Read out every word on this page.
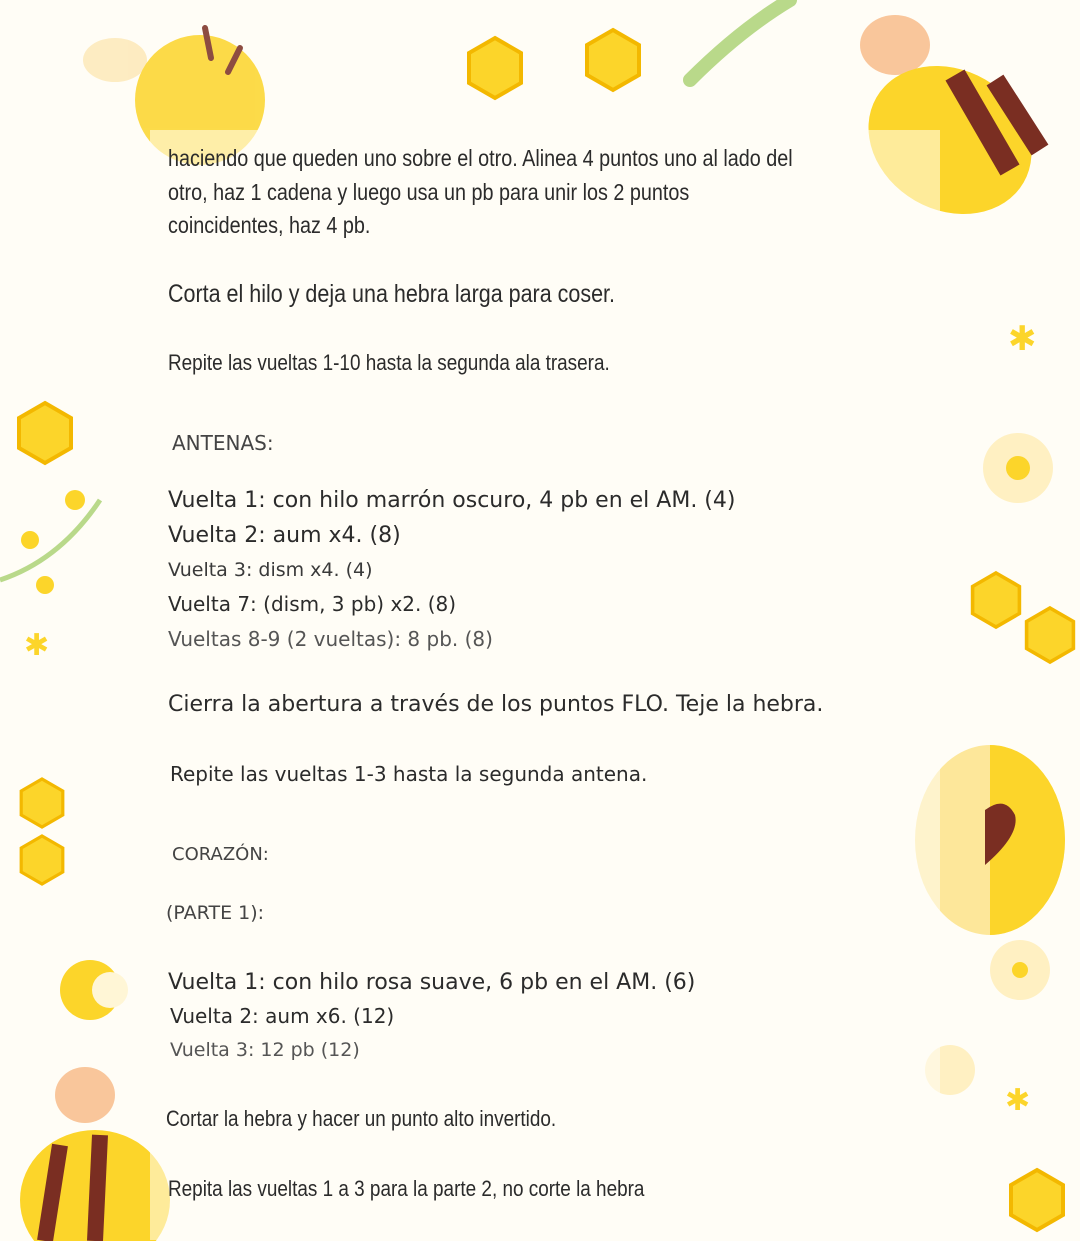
✱
✱
✱
haciendo que queden uno sobre el otro. Alinea 4 puntos uno al lado del
otro, haz 1 cadena y luego usa un pb para unir los 2 puntos
coincidentes, haz 4 pb.
Corta el hilo y deja una hebra larga para coser.
Repite las vueltas 1-10 hasta la segunda ala trasera.
ANTENAS:
Vuelta 1: con hilo marrón oscuro, 4 pb en el AM. (4)
Vuelta 2: aum x4. (8)
Vuelta 3: dism x4. (4)
Vuelta 7: (dism, 3 pb) x2. (8)
Vueltas 8-9 (2 vueltas): 8 pb. (8)
Cierra la abertura a través de los puntos FLO. Teje la hebra.
Repite las vueltas 1-3 hasta la segunda antena.
CORAZÓN:
(PARTE 1):
Vuelta 1: con hilo rosa suave, 6 pb en el AM. (6)
Vuelta 2: aum x6. (12)
Vuelta 3: 12 pb (12)
Cortar la hebra y hacer un punto alto invertido.
Repita las vueltas 1 a 3 para la parte 2, no corte la hebra
